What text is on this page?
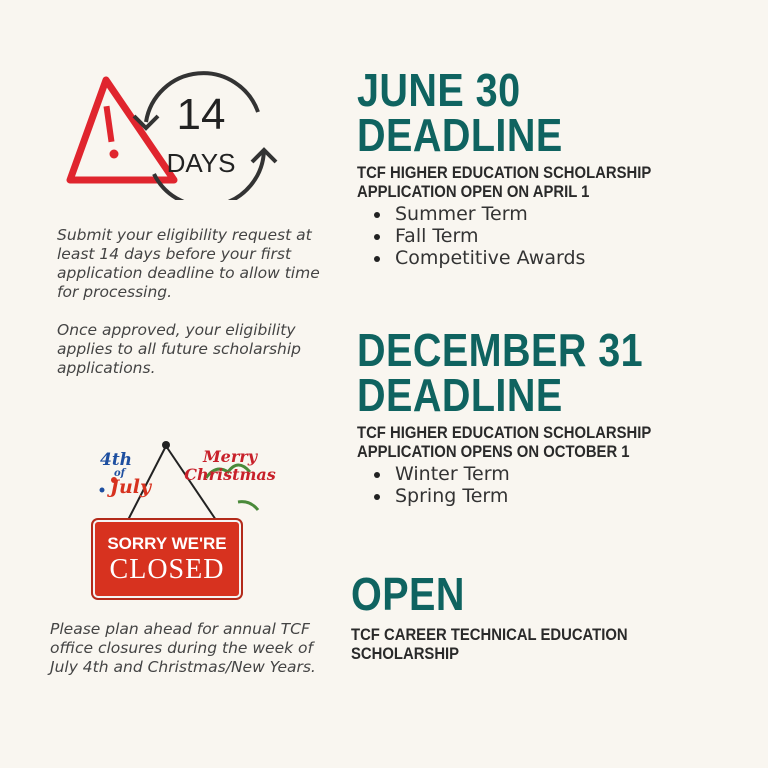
14
DAYS
Submit your eligibility request at
least 14 days before your first
application deadline to allow time
for processing.
Once approved, your eligibility
applies to all future scholarship
applications.
4th
of
July
Merry
Christmas
SORRY WE'RE
CLOSED
Please plan ahead for annual TCF
office closures during the week of
July 4th and Christmas/New Years.
JUNE 30
DEADLINE
TCF HIGHER EDUCATION SCHOLARSHIP
APPLICATION OPEN ON APRIL 1
Summer Term
Fall Term
Competitive Awards
DECEMBER 31
DEADLINE
TCF HIGHER EDUCATION SCHOLARSHIP
APPLICATION OPENS ON OCTOBER 1
Winter Term
Spring Term
OPEN
TCF CAREER TECHNICAL EDUCATION
SCHOLARSHIP
